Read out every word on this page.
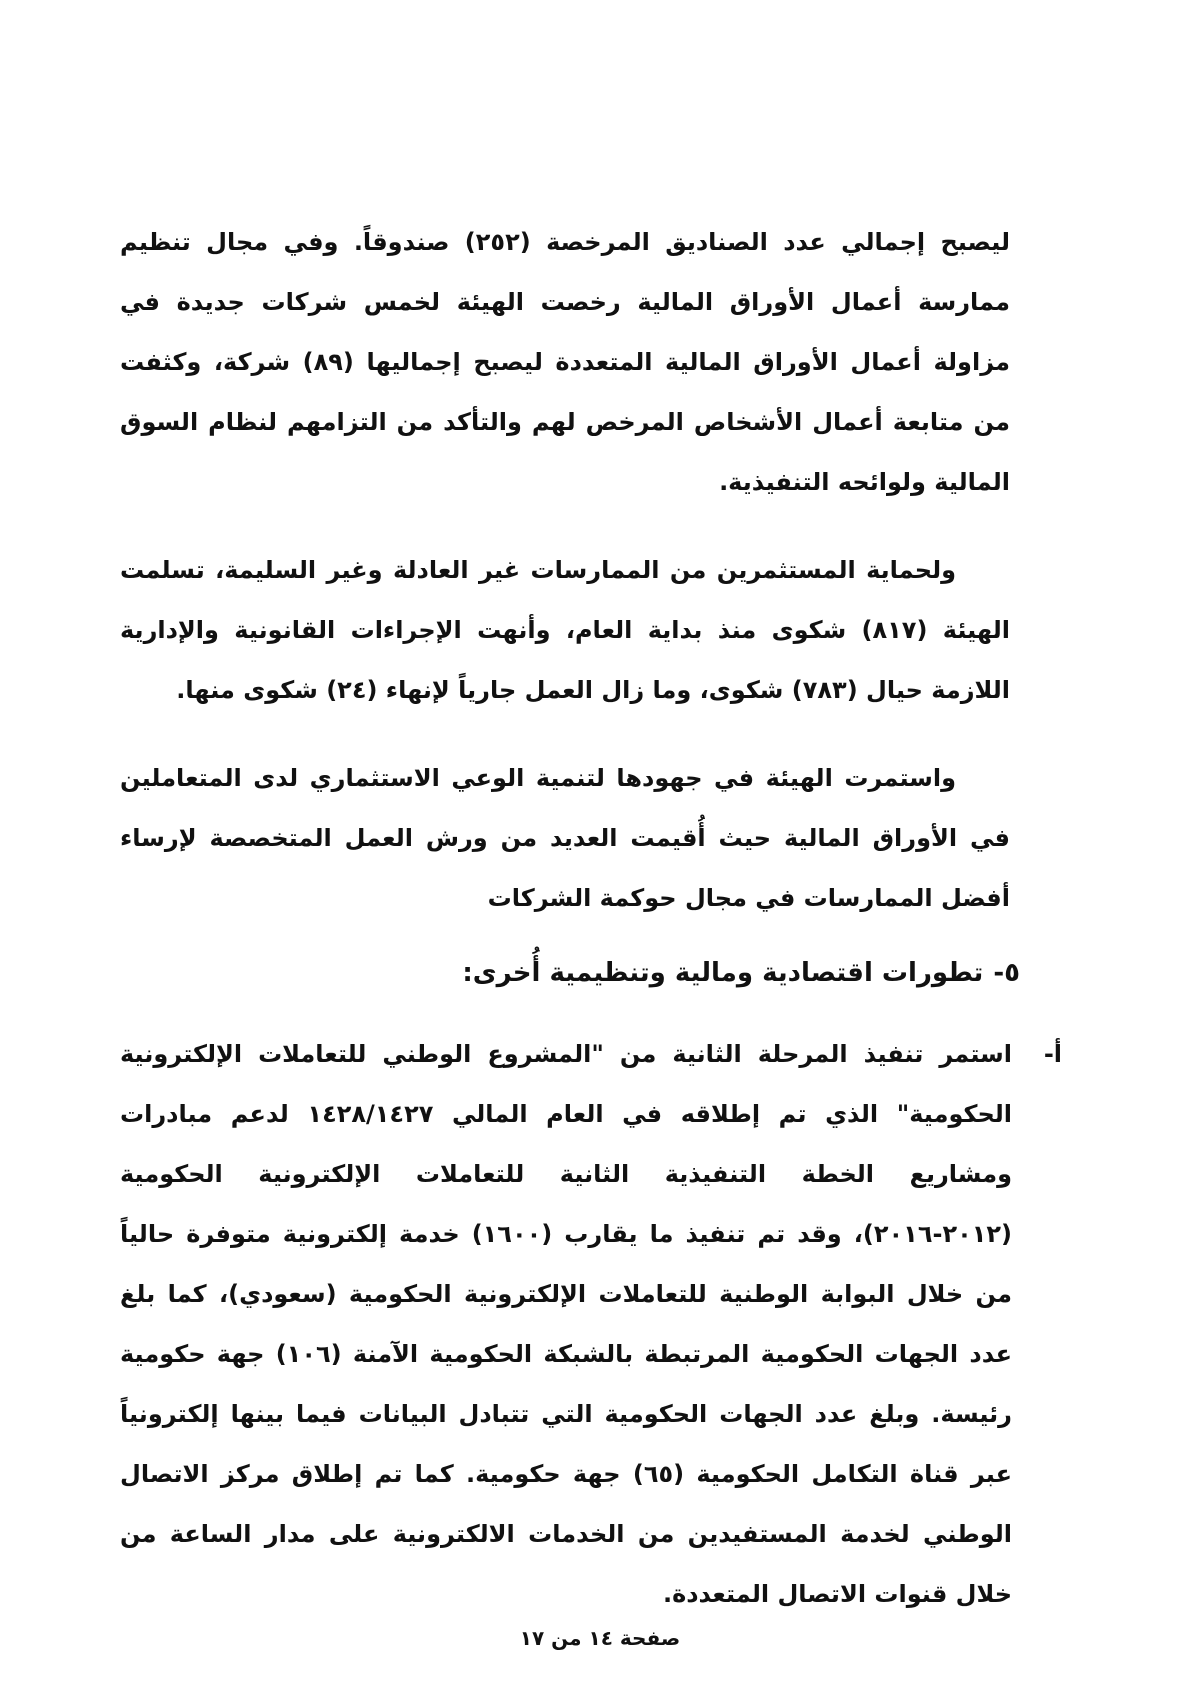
ليصبح إجمالي عدد الصناديق المرخصة (٢٥٢) صندوقاً. وفي مجال تنظيم ممارسة أعمال الأوراق المالية رخصت الهيئة لخمس شركات جديدة في مزاولة أعمال الأوراق المالية المتعددة ليصبح إجماليها (٨٩) شركة، وكثفت من متابعة أعمال الأشخاص المرخص لهم والتأكد من التزامهم لنظام السوق المالية ولوائحه التنفيذية.

ولحماية المستثمرين من الممارسات غير العادلة وغير السليمة، تسلمت الهيئة (٨١٧) شكوى منذ بداية العام، وأنهت الإجراءات القانونية والإدارية اللازمة حيال (٧٨٣) شكوى، وما زال العمل جارياً لإنهاء (٢٤) شكوى منها.

واستمرت الهيئة في جهودها لتنمية الوعي الاستثماري لدى المتعاملين في الأوراق المالية حيث أُقيمت العديد من ورش العمل المتخصصة لإرساء أفضل الممارسات في مجال حوكمة الشركات

٥-
تطورات اقتصادية ومالية وتنظيمية أُخرى:
أ-

استمر تنفيذ المرحلة الثانية من "المشروع الوطني للتعاملات الإلكترونية الحكومية" الذي تم إطلاقه في العام المالي ١٤٢٨/١٤٢٧ لدعم مبادرات ومشاريع الخطة التنفيذية الثانية للتعاملات الإلكترونية الحكومية (٢٠١٢-٢٠١٦)، وقد تم تنفيذ ما يقارب (١٦٠٠) خدمة إلكترونية متوفرة حالياً من خلال البوابة الوطنية للتعاملات الإلكترونية الحكومية (سعودي)، كما بلغ عدد الجهات الحكومية المرتبطة بالشبكة الحكومية الآمنة (١٠٦) جهة حكومية رئيسة. وبلغ عدد الجهات الحكومية التي تتبادل البيانات فيما بينها إلكترونياً عبر قناة التكامل الحكومية (٦٥) جهة حكومية. كما تم إطلاق مركز الاتصال الوطني لخدمة المستفيدين من الخدمات الالكترونية على مدار الساعة من خلال قنوات الاتصال المتعددة.

صفحة ١٤ من ١٧
